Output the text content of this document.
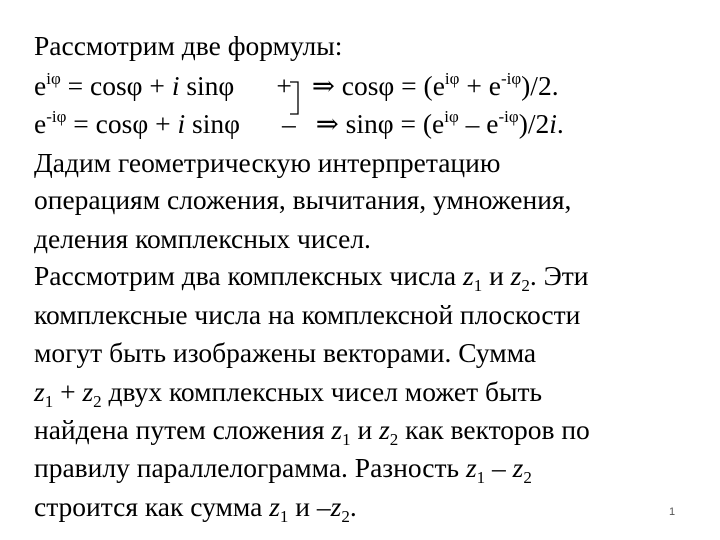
Рассмотрим две формулы:
$e^{i\varphi} = \cos\varphi + i$ sinφ + ⇒ $\cos\varphi = (e^{i\varphi} + e^{-i\varphi})/2$.
$e^{-i\varphi} = \cos\varphi + i$ sinφ – ⇒ $\sin\varphi = (e^{i\varphi} - e^{-i\varphi})/2i$.
Дадим геометрическую интерпретацию
операциям сложения, вычитания, умножения,
деления комплексных чисел.
Рассмотрим два комплексных числа $z_1$ и $z_2$. Эти
комплексные числа на комплексной плоскости
могут быть изображены векторами. Сумма
$z_1 + z_2$ двух комплексных чисел может быть
найдена путем сложения $z_1$ и $z_2$ как векторов по
правилу параллелограмма. Разность $z_1 - z_2$
строится как сумма $z_1$ и $-z_2$.	1
